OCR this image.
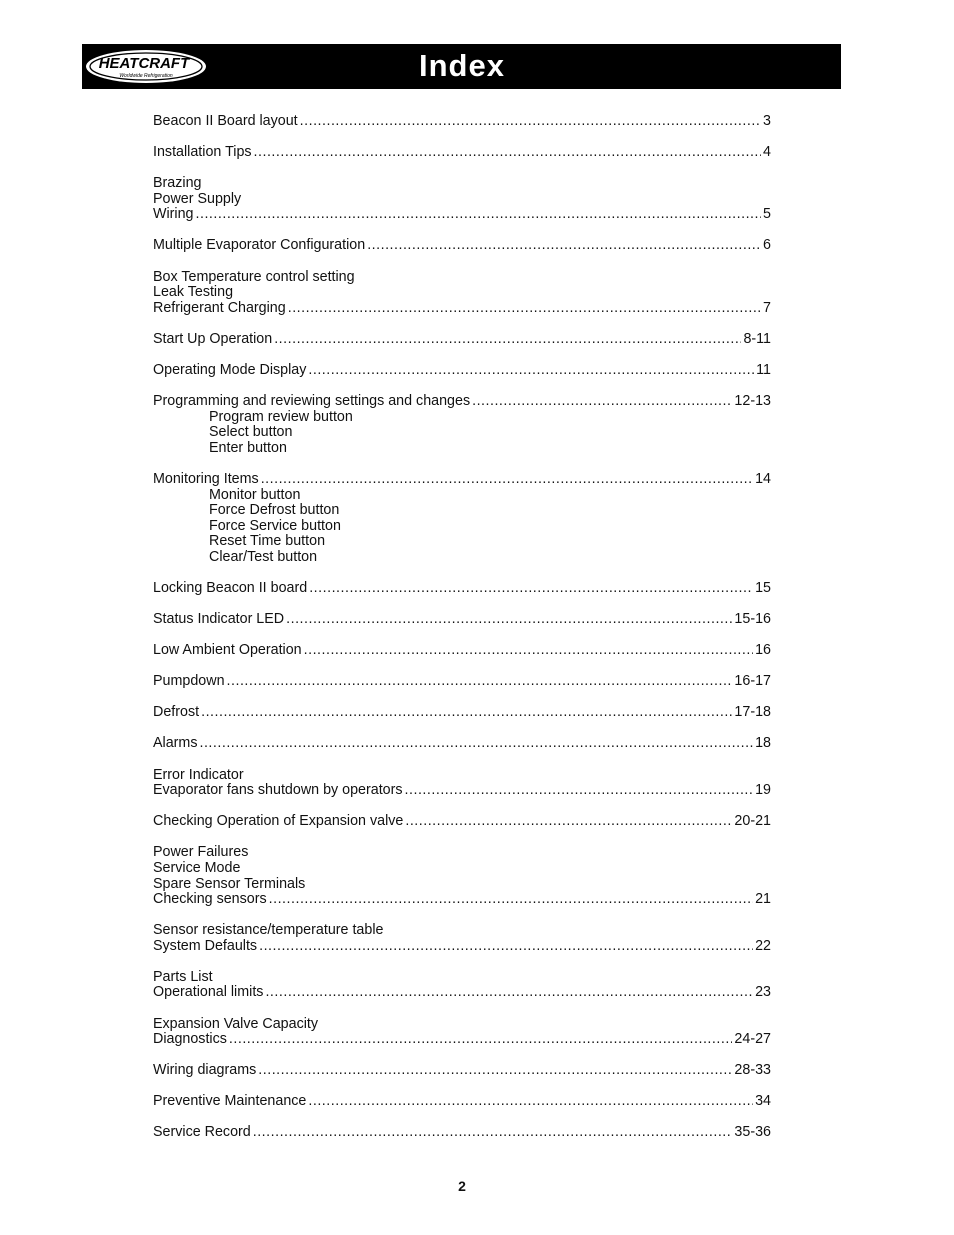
HEATCRAFT
Worldwide Refrigeration	Index
Beacon II Board layout .....	3
Installation Tips .....	4
Brazing
Power Supply
Wiring .....	5
Multiple Evaporator Configuration .....	6
Box Temperature control setting
Leak Testing
Refrigerant Charging .....	7
Start Up Operation .....	8-11
Operating Mode Display .....	11
Programming and reviewing settings and changes .....	12-13
Program review button
Select button
Enter button
Monitoring Items .....	14
Monitor button
Force Defrost button
Force Service button
Reset Time button
Clear/Test button
Locking Beacon II board .....	15
Status Indicator LED .....	15-16
Low Ambient Operation .....	16
Pumpdown .....	16-17
Defrost .....	17-18
Alarms .....	18
Error Indicator
Evaporator fans shutdown by operators .....	19
Checking Operation of Expansion valve .....	20-21
Power Failures
Service Mode
Spare Sensor Terminals
Checking sensors .....	21
Sensor resistance/temperature table
System Defaults .....	22
Parts List
Operational limits .....	23
Expansion Valve Capacity
Diagnostics .....	24-27
Wiring diagrams .....	28-33
Preventive Maintenance .....	34
Service Record .....	35-36
2
